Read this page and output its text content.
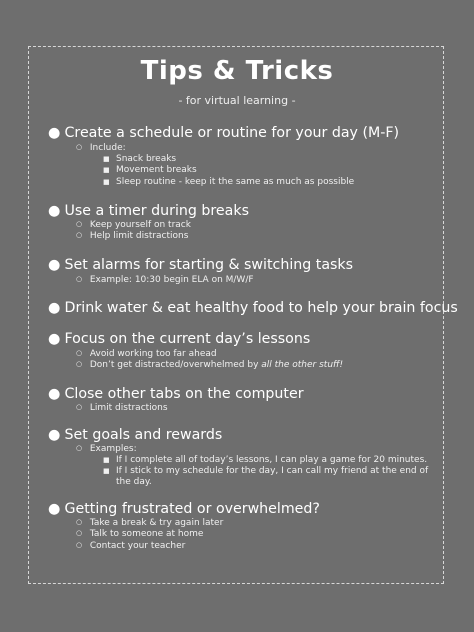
Tips & Tricks
- for virtual learning -
● Create a schedule or routine for your day (M-F)
○ Include:
■ Snack breaks
■ Movement breaks
■ Sleep routine - keep it the same as much as possible
● Use a timer during breaks
○ Keep yourself on track
○ Help limit distractions
● Set alarms for starting & switching tasks
○ Example: 10:30 begin ELA on M/W/F
● Drink water & eat healthy food to help your brain focus
● Focus on the current day’s lessons
○ Avoid working too far ahead
○ Don’t get distracted/overwhelmed by all the other stuff!
● Close other tabs on the computer
○ Limit distractions
● Set goals and rewards
○ Examples:
■ If I complete all of today’s lessons, I can play a game for 20 minutes.
■ If I stick to my schedule for the day, I can call my friend at the end of the day.
● Getting frustrated or overwhelmed?
○ Take a break & try again later
○ Talk to someone at home
○ Contact your teacher
